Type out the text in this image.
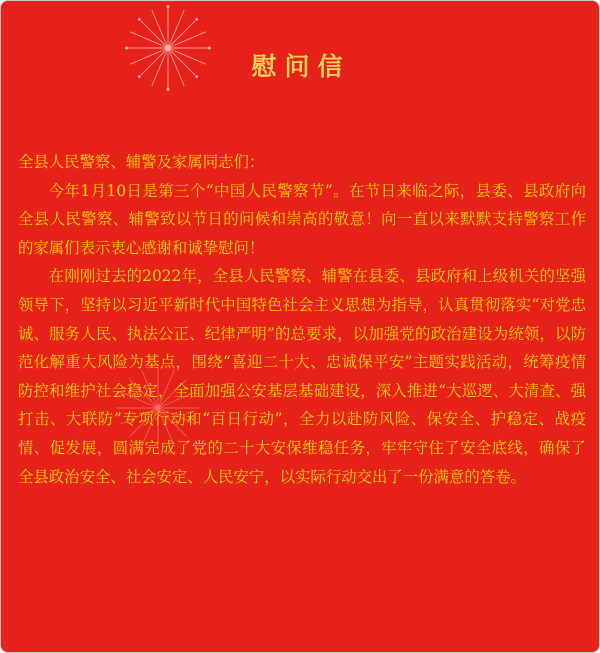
慰问信

全县人民警察、辅警及家属同志们：

今年1月10日是第三个“中国人民警察节”。在节日来临之际，县委、县政府向全县人民警察、辅警致以节日的问候和崇高的敬意！向一直以来默默支持警察工作的家属们表示衷心感谢和诚挚慰问！

在刚刚过去的2022年，全县人民警察、辅警在县委、县政府和上级机关的坚强领导下，坚持以习近平新时代中国特色社会主义思想为指导，认真贯彻落实“对党忠诚、服务人民、执法公正、纪律严明”的总要求，以加强党的政治建设为统领，以防范化解重大风险为基点，围绕“喜迎二十大、忠诚保平安”主题实践活动，统筹疫情防控和维护社会稳定，全面加强公安基层基础建设，深入推进“大巡逻、大清查、强打击、大联防”专项行动和“百日行动”，全力以赴防风险、保安全、护稳定、战疫情、促发展，圆满完成了党的二十大安保维稳任务，牢牢守住了安全底线，确保了全县政治安全、社会安定、人民安宁，以实际行动交出了一份满意的答卷。
